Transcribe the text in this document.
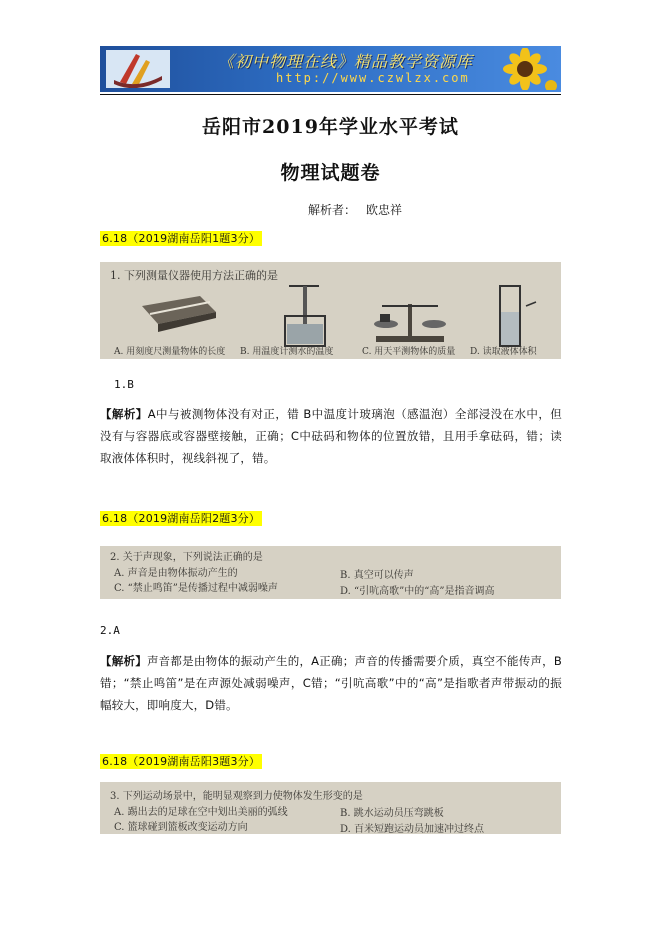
《初中物理在线》精品教学资源库
http://www.czwlzx.com
岳阳市2019年学业水平考试
物理试题卷
解析者： 欧忠祥
6.18（2019湖南岳阳1题3分）
1. 下列测量仪器使用方法正确的是
A. 用刻度尺测量物体的长度 B. 用温度计测水的温度	C. 用天平测物体的质量 D. 读取液体体积
1.B
【解析】A中与被测物体没有对正，错 B中温度计玻璃泡（感温泡）全部浸没在水中，但没有与容器底或容器壁接触，正确；C中砝码和物体的位置放错，且用手拿砝码，错；读取液体体积时，视线斜视了，错。
6.18（2019湖南岳阳2题3分）
2. 关于声现象，下列说法正确的是
A. 声音是由物体振动产生的	B. 真空可以传声
C. “禁止鸣笛”是传播过程中减弱噪声	D. “引吭高歌”中的“高”是指音调高
2.A
【解析】声音都是由物体的振动产生的，A正确；声音的传播需要介质，真空不能传声，B错；“禁止鸣笛”是在声源处减弱噪声，C错；“引吭高歌”中的“高”是指歌者声带振动的振幅较大，即响度大，D错。
6.18（2019湖南岳阳3题3分）
3. 下列运动场景中，能明显观察到力使物体发生形变的是
A. 踢出去的足球在空中划出美丽的弧线	B. 跳水运动员压弯跳板
C. 篮球碰到篮板改变运动方向	D. 百米短跑运动员加速冲过终点
